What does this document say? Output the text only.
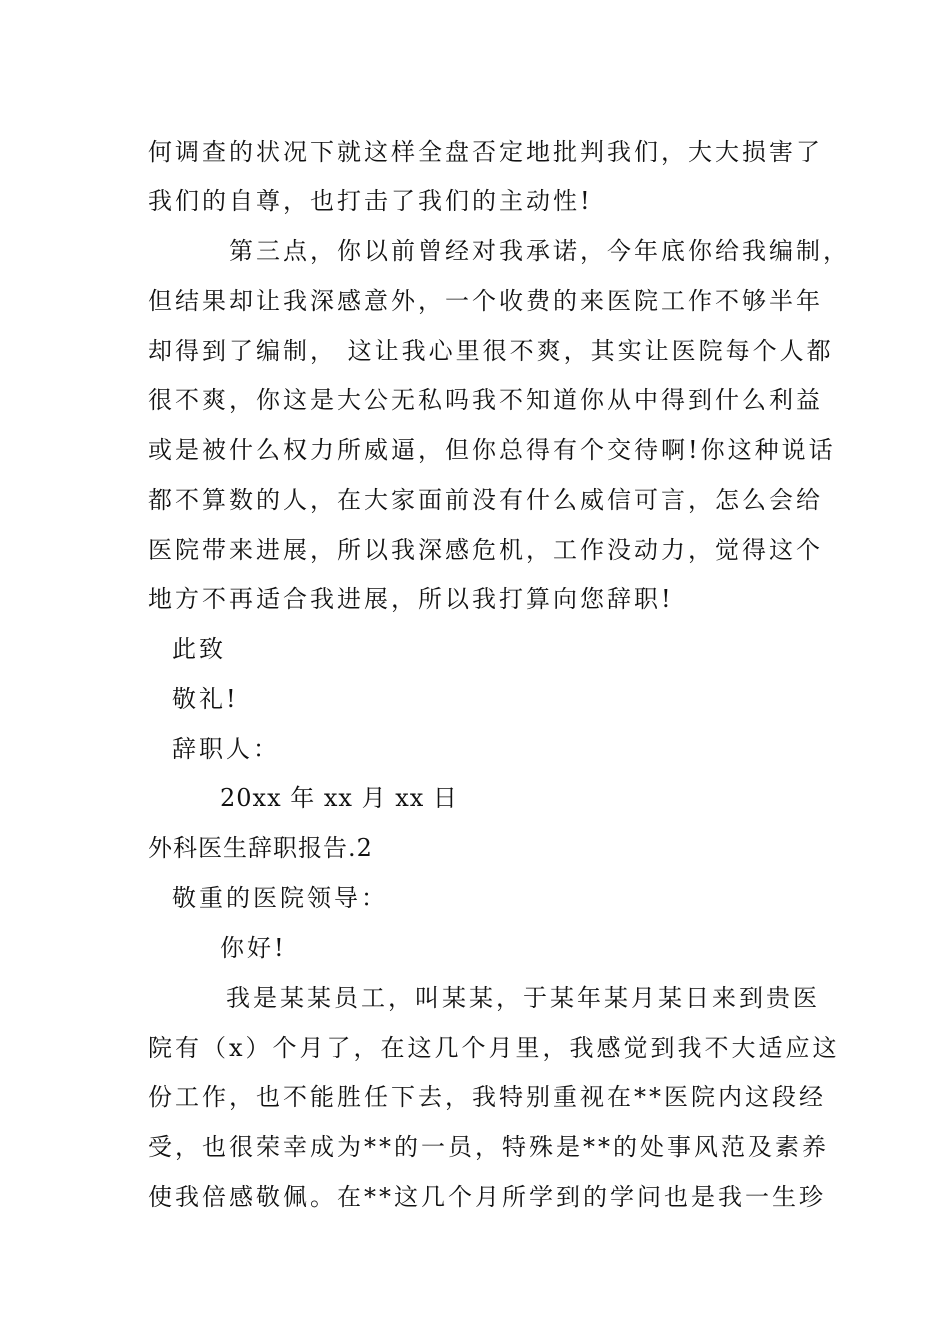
何调查的状况下就这样全盘否定地批判我们，大大损害了
我们的自尊，也打击了我们的主动性!
第三点，你以前曾经对我承诺，今年底你给我编制，
但结果却让我深感意外，一个收费的来医院工作不够半年
却得到了编制， 这让我心里很不爽，其实让医院每个人都
很不爽，你这是大公无私吗我不知道你从中得到什么利益
或是被什么权力所威逼，但你总得有个交待啊!你这种说话
都不算数的人，在大家面前没有什么威信可言，怎么会给
医院带来进展，所以我深感危机，工作没动力，觉得这个
地方不再适合我进展，所以我打算向您辞职!
此致
敬礼!
辞职人：
20xx 年 xx 月 xx 日
外科医生辞职报告.2
敬重的医院领导：
你好!
我是某某员工，叫某某，于某年某月某日来到贵医
院有（x）个月了，在这几个月里，我感觉到我不大适应这
份工作，也不能胜任下去，我特别重视在**医院内这段经
受，也很荣幸成为**的一员，特殊是**的处事风范及素养
使我倍感敬佩。在**这几个月所学到的学问也是我一生珍
